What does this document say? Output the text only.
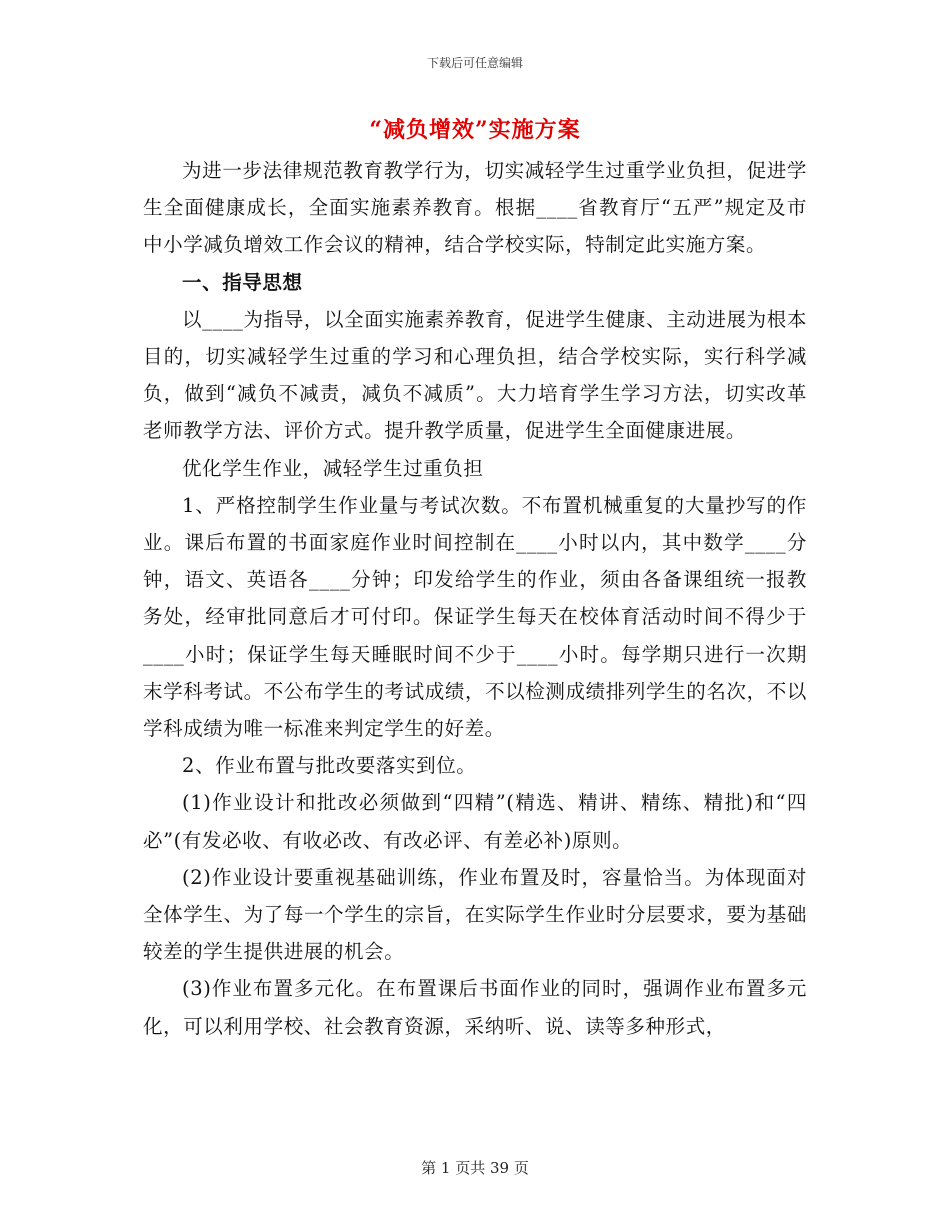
下载后可任意编辑
“减负增效”实施方案

为进一步法律规范教育教学行为，切实减轻学生过重学业负担，促进学生全面健康成长，全面实施素养教育。根据____省教育厅“五严”规定及市中小学减负增效工作会议的精神，结合学校实际，特制定此实施方案。

一、指导思想

以____为指导，以全面实施素养教育，促进学生健康、主动进展为根本目的，切实减轻学生过重的学习和心理负担，结合学校实际，实行科学减负，做到“减负不减责，减负不减质”。大力培育学生学习方法，切实改革老师教学方法、评价方式。提升教学质量，促进学生全面健康进展。

优化学生作业，减轻学生过重负担

1、严格控制学生作业量与考试次数。不布置机械重复的大量抄写的作业。课后布置的书面家庭作业时间控制在____小时以内，其中数学____分钟，语文、英语各____分钟；印发给学生的作业，须由各备课组统一报教务处，经审批同意后才可付印。保证学生每天在校体育活动时间不得少于____小时；保证学生每天睡眠时间不少于____小时。每学期只进行一次期末学科考试。不公布学生的考试成绩，不以检测成绩排列学生的名次，不以学科成绩为唯一标准来判定学生的好差。

2、作业布置与批改要落实到位。

(1)作业设计和批改必须做到“四精”(精选、精讲、精练、精批)和“四必”(有发必收、有收必改、有改必评、有差必补)原则。

(2)作业设计要重视基础训练，作业布置及时，容量恰当。为体现面对全体学生、为了每一个学生的宗旨，在实际学生作业时分层要求，要为基础较差的学生提供进展的机会。

(3)作业布置多元化。在布置课后书面作业的同时，强调作业布置多元化，可以利用学校、社会教育资源，采纳听、说、读等多种形式，

第 1 页共 39 页
